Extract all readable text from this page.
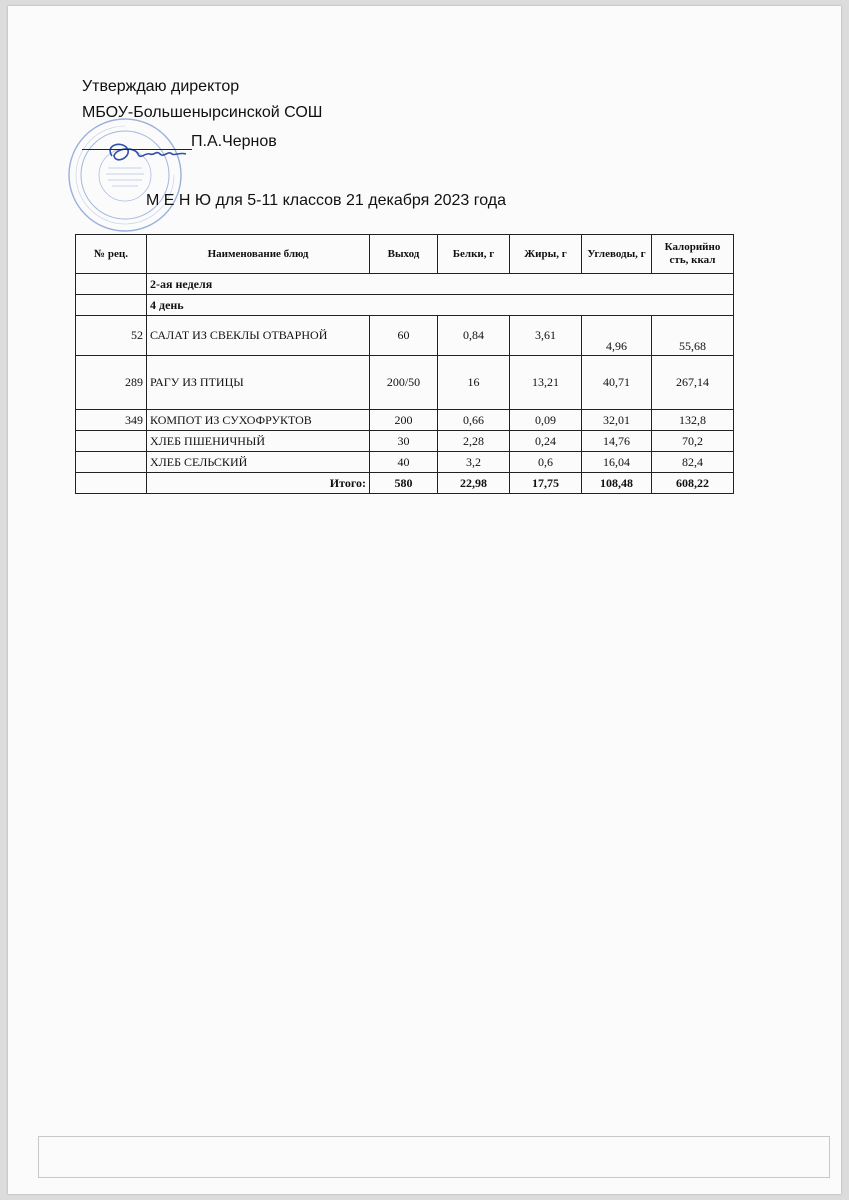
Утверждаю директор
МБОУ-Большенырсинской СОШ
П.А.Чернов
М Е Н Ю для 5-11 классов 21 декабря 2023 года
№ рец.	Наименование блюд	Выход	Белки, г	Жиры, г	Углеводы, г	Калорийно сть, ккал
	2-ая неделя					
	4 день					
52	САЛАТ ИЗ СВЕКЛЫ ОТВАРНОЙ	60	0,84	3,61	4,96	55,68
289	РАГУ ИЗ ПТИЦЫ	200/50	16	13,21	40,71	267,14
349	КОМПОТ ИЗ СУХОФРУКТОВ	200	0,66	0,09	32,01	132,8
	ХЛЕБ ПШЕНИЧНЫЙ	30	2,28	0,24	14,76	70,2
	ХЛЕБ СЕЛЬСКИЙ	40	3,2	0,6	16,04	82,4
	Итого:	580	22,98	17,75	108,48	608,22
